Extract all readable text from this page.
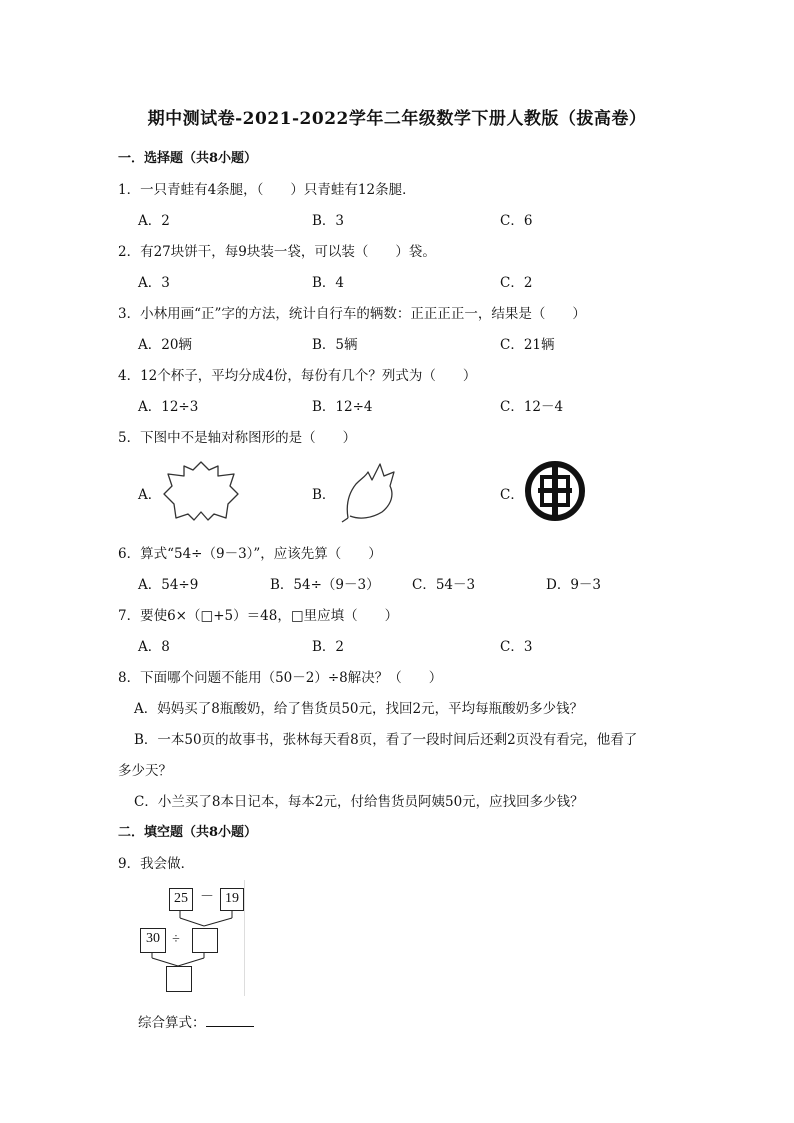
期中测试卷-2021-2022学年二年级数学下册人教版（拔高卷）
一．选择题（共8小题）
1．一只青蛙有4条腿，（　　）只青蛙有12条腿．
A．2	B．3	C．6
2．有27块饼干，每9块装一袋，可以装（　　）袋。
A．3	B．4	C．2
3．小林用画“正”字的方法，统计自行车的辆数：正正正正一，结果是（　　）
A．20辆	B．5辆	C．21辆
4．12个杯子，平均分成4份，每份有几个？列式为（　　）
A．12÷3	B．12÷4	C．12－4
5．下图中不是轴对称图形的是（　　）
A．	B．	C．
6．算式“54÷（9－3）”，应该先算（　　）
A．54÷9	B．54÷（9－3） C．54－3	D．9－3
7．要使6×（□+5）＝48，□里应填（　　）
A．8	B．2	C．3
8．下面哪个问题不能用（50－2）÷8解决？（　　）
A．妈妈买了8瓶酸奶，给了售货员50元，找回2元，平均每瓶酸奶多少钱？
B．一本50页的故事书，张林每天看8页，看了一段时间后还剩2页没有看完，他看了
多少天？
C．小兰买了8本日记本，每本2元，付给售货员阿姨50元，应找回多少钱？
二．填空题（共8小题）
9．我会做．
25 － 19
30 ÷
综合算式：
